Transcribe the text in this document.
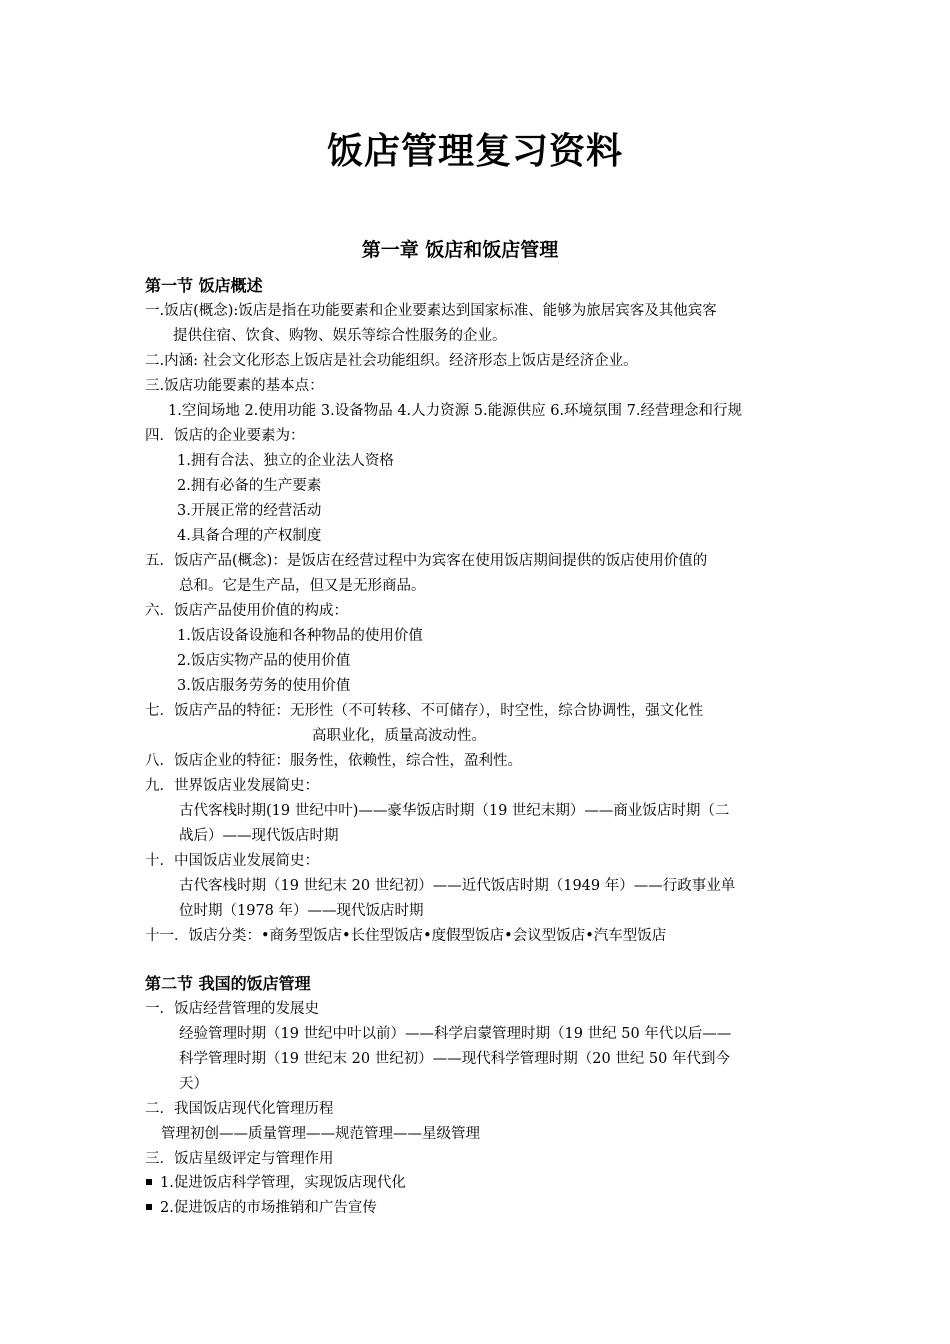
饭店管理复习资料
第一章 饭店和饭店管理
第一节 饭店概述
一.饭店(概念):饭店是指在功能要素和企业要素达到国家标准、能够为旅居宾客及其他宾客
提供住宿、饮食、购物、娱乐等综合性服务的企业。
二.内涵: 社会文化形态上饭店是社会功能组织。经济形态上饭店是经济企业。
三.饭店功能要素的基本点：
1.空间场地 2.使用功能 3.设备物品 4.人力资源 5.能源供应 6.环境氛围 7.经营理念和行规
四．饭店的企业要素为：
1.拥有合法、独立的企业法人资格
2.拥有必备的生产要素
3.开展正常的经营活动
4.具备合理的产权制度
五．饭店产品(概念)：是饭店在经营过程中为宾客在使用饭店期间提供的饭店使用价值的
总和。它是生产品，但又是无形商品。
六．饭店产品使用价值的构成：
1.饭店设备设施和各种物品的使用价值
2.饭店实物产品的使用价值
3.饭店服务劳务的使用价值
七．饭店产品的特征：无形性（不可转移、不可储存），时空性，综合协调性，强文化性
高职业化，质量高波动性。
八．饭店企业的特征：服务性，依赖性，综合性，盈利性。
九．世界饭店业发展简史：
古代客栈时期(19 世纪中叶)——豪华饭店时期（19 世纪末期）——商业饭店时期（二
战后）——现代饭店时期
十．中国饭店业发展简史：
古代客栈时期（19 世纪末 20 世纪初）——近代饭店时期（1949 年）——行政事业单
位时期（1978 年）——现代饭店时期
十一．饭店分类：•商务型饭店•长住型饭店•度假型饭店•会议型饭店•汽车型饭店
第二节 我国的饭店管理
一．饭店经营管理的发展史
经验管理时期（19 世纪中叶以前）——科学启蒙管理时期（19 世纪 50 年代以后——
科学管理时期（19 世纪末 20 世纪初）——现代科学管理时期（20 世纪 50 年代到今
天）
二．我国饭店现代化管理历程
管理初创——质量管理——规范管理——星级管理
三．饭店星级评定与管理作用
1.促进饭店科学管理，实现饭店现代化
2.促进饭店的市场推销和广告宣传
